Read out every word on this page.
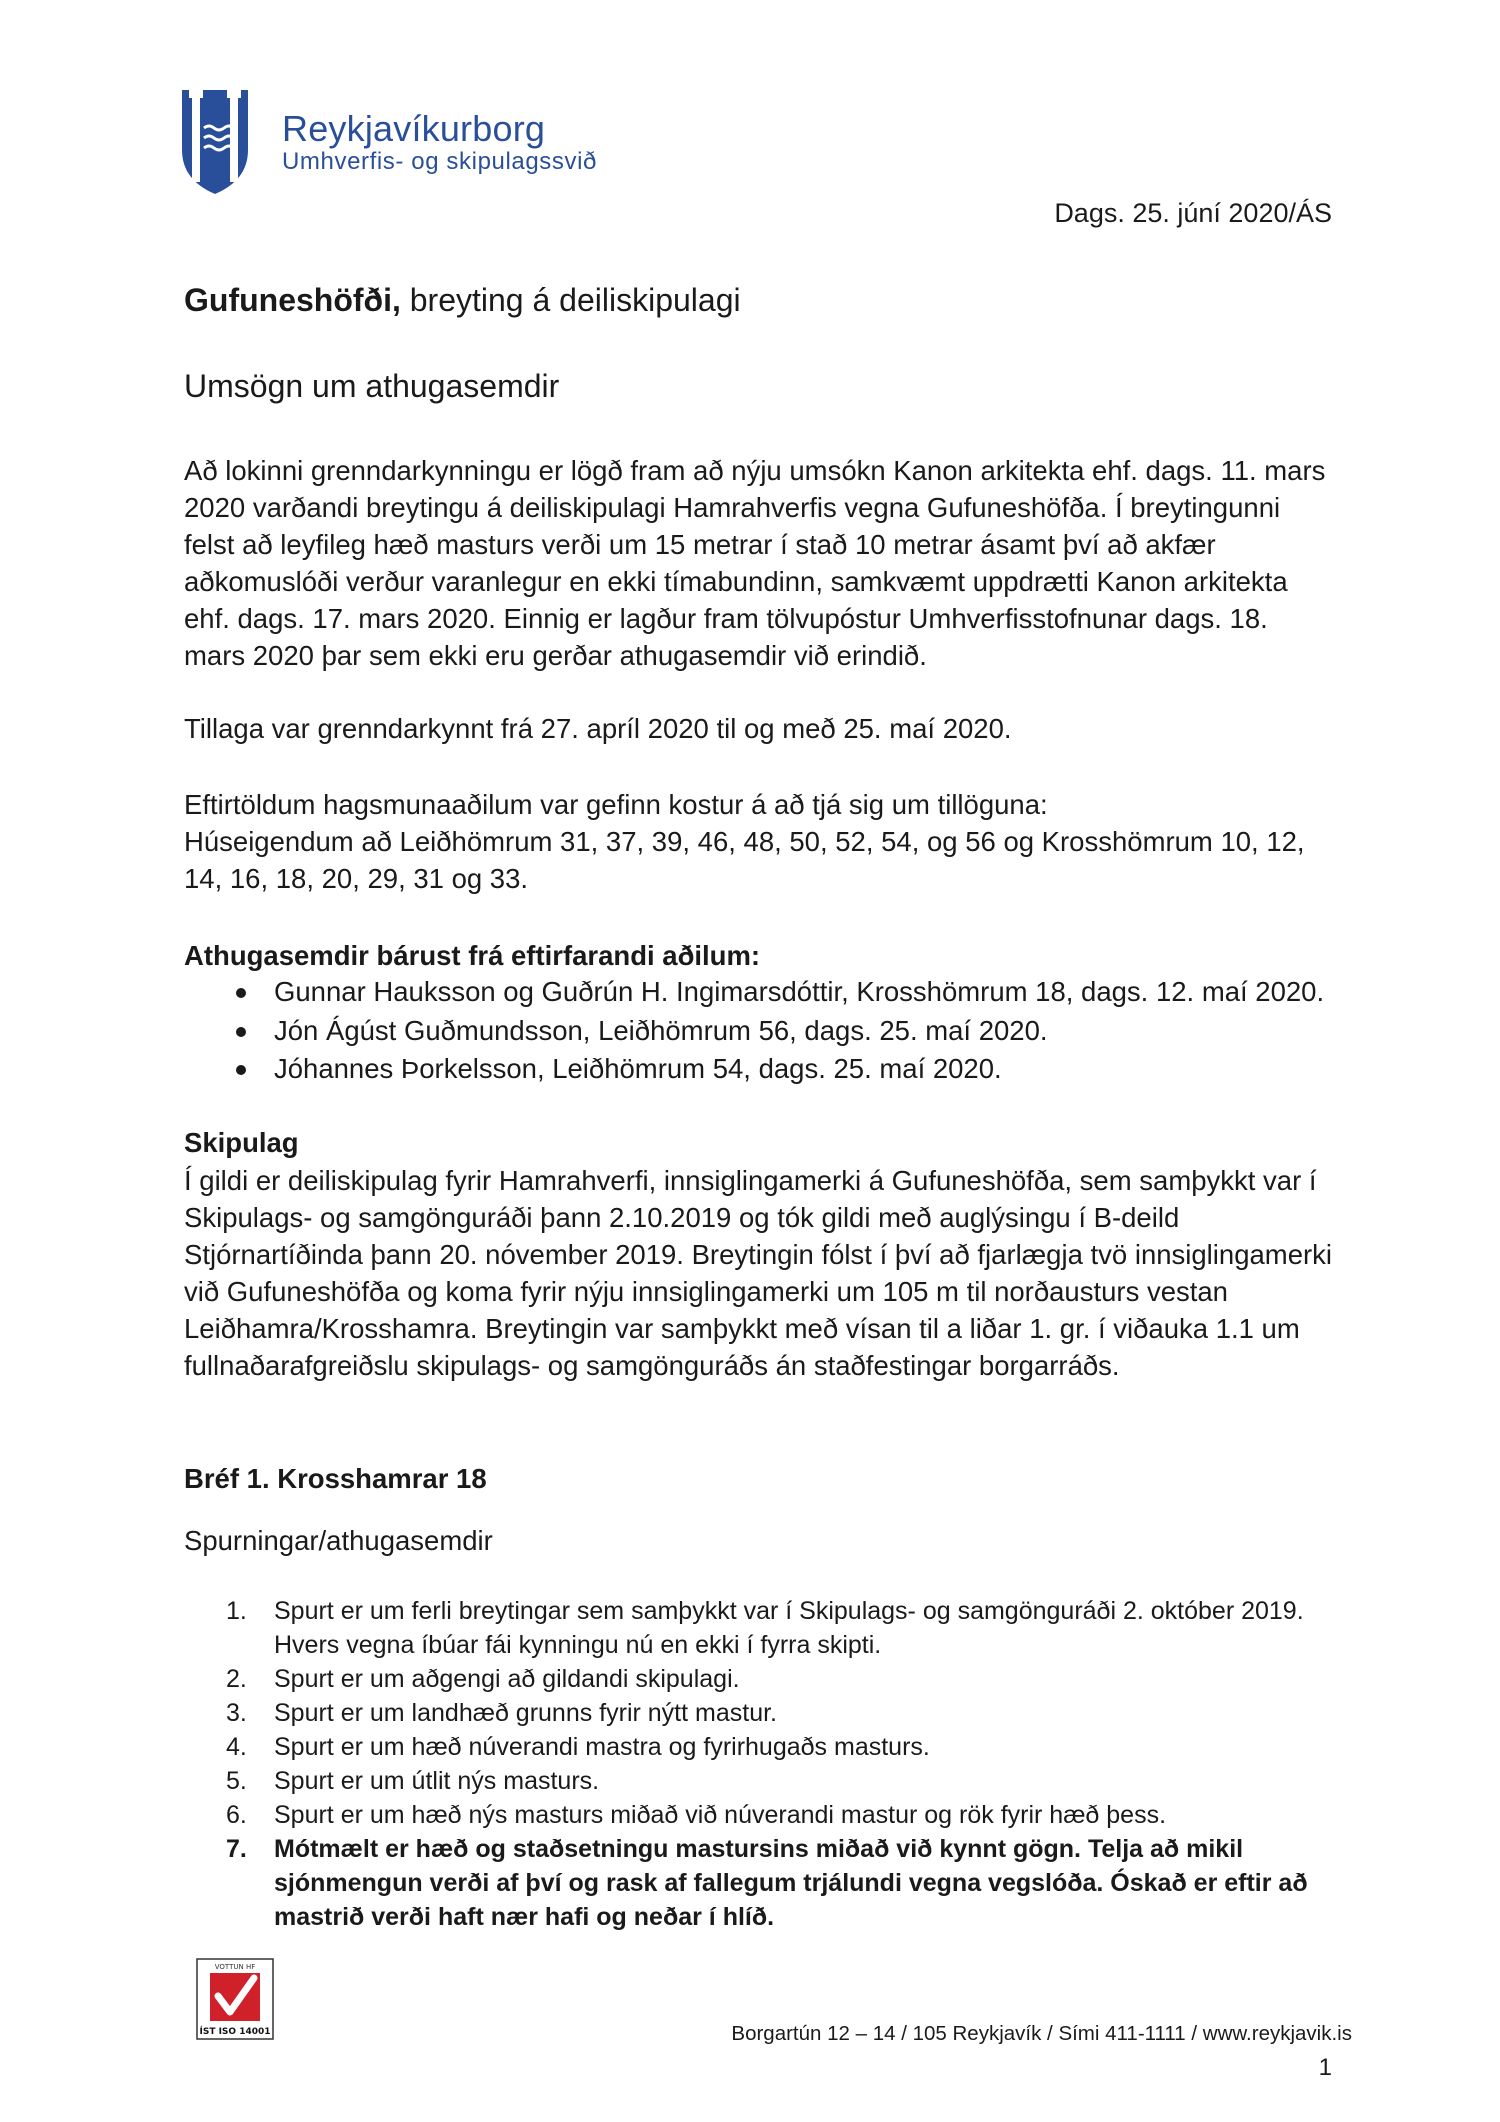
Reykjavíkurborg
Umhverfis- og skipulagssvið
Dags. 25. júní 2020/ÁS
Gufuneshöfði, breyting á deiliskipulagi
Umsögn um athugasemdir
Að lokinni grenndarkynningu er lögð fram að nýju umsókn Kanon arkitekta ehf. dags. 11. mars 2020 varðandi breytingu á deiliskipulagi Hamrahverfis vegna Gufuneshöfða. Í breytingunni felst að leyfileg hæð masturs verði um 15 metrar í stað 10 metrar ásamt því að akfær aðkomuslóði verður varanlegur en ekki tímabundinn, samkvæmt uppdrætti Kanon arkitekta ehf. dags. 17. mars 2020. Einnig er lagður fram tölvupóstur Umhverfisstofnunar dags. 18. mars 2020 þar sem ekki eru gerðar athugasemdir við erindið.
Tillaga var grenndarkynnt frá 27. apríl 2020 til og með 25. maí 2020.

Eftirtöldum hagsmunaaðilum var gefinn kostur á að tjá sig um tillöguna:

Húseigendum að Leiðhömrum 31, 37, 39, 46, 48, 50, 52, 54, og 56 og Krosshömrum 10, 12, 14, 16, 18, 20, 29, 31 og 33.

Athugasemdir bárust frá eftirfarandi aðilum:
Gunnar Hauksson og Guðrún H. Ingimarsdóttir, Krosshömrum 18, dags. 12. maí 2020.
Jón Ágúst Guðmundsson, Leiðhömrum 56, dags. 25. maí 2020.
Jóhannes Þorkelsson, Leiðhömrum 54, dags. 25. maí 2020.
Skipulag
Í gildi er deiliskipulag fyrir Hamrahverfi, innsiglingamerki á Gufuneshöfða, sem samþykkt var í Skipulags- og samgönguráði þann 2.10.2019 og tók gildi með auglýsingu í B-deild Stjórnartíðinda þann 20. nóvember 2019. Breytingin fólst í því að fjarlægja tvö innsiglingamerki við Gufuneshöfða og koma fyrir nýju innsiglingamerki um 105 m til norðausturs vestan Leiðhamra/Krosshamra. Breytingin var samþykkt með vísan til a liðar 1. gr. í viðauka 1.1 um fullnaðarafgreiðslu skipulags- og samgönguráðs án staðfestingar borgarráðs.
Bréf 1. Krosshamrar 18
Spurningar/athugasemdir
1. Spurt er um ferli breytingar sem samþykkt var í Skipulags- og samgönguráði 2. október 2019. Hvers vegna íbúar fái kynningu nú en ekki í fyrra skipti.
2. Spurt er um aðgengi að gildandi skipulagi.
3. Spurt er um landhæð grunns fyrir nýtt mastur.
4. Spurt er um hæð núverandi mastra og fyrirhugaðs masturs.
5. Spurt er um útlit nýs masturs.
6. Spurt er um hæð nýs masturs miðað við núverandi mastur og rök fyrir hæð þess.
7. Mótmælt er hæð og staðsetningu mastursins miðað við kynnt gögn. Telja að mikil sjónmengun verði af því og rask af fallegum trjálundi vegna vegslóða. Óskað er eftir að mastrið verði haft nær hafi og neðar í hlíð.
VOTTUN HF
ÍST ISO 14001	Borgartún 12 – 14 / 105 Reykjavík / Sími 411-1111 / www.reykjavik.is
1
